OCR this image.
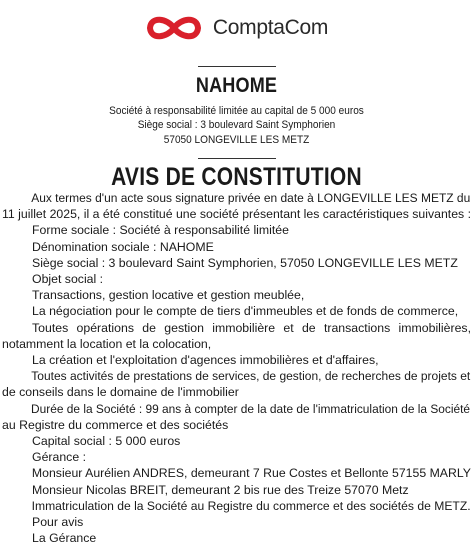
ComptaCom
NAHOME
Société à responsabilité limitée au capital de 5 000 euros
Siège social : 3 boulevard Saint Symphorien
57050 LONGEVILLE LES METZ
AVIS DE CONSTITUTION
Aux termes d'un acte sous signature privée en date à LONGEVILLE LES METZ du
11 juillet 2025, il a été constitué une société présentant les caractéristiques suivantes :
Forme sociale : Société à responsabilité limitée
Dénomination sociale : NAHOME
Siège social : 3 boulevard Saint Symphorien, 57050 LONGEVILLE LES METZ
Objet social :
Transactions, gestion locative et gestion meublée,
La négociation pour le compte de tiers d'immeubles et de fonds de commerce,
Toutes opérations de gestion immobilière et de transactions immobilières,
notamment la location et la colocation,
La création et l'exploitation d'agences immobilières et d'affaires,
Toutes activités de prestations de services, de gestion, de recherches de projets et
de conseils dans le domaine de l'immobilier
Durée de la Société : 99 ans à compter de la date de l'immatriculation de la Société
au Registre du commerce et des sociétés
Capital social : 5 000 euros
Gérance :
Monsieur Aurélien ANDRES, demeurant 7 Rue Costes et Bellonte 57155 MARLY
Monsieur Nicolas BREIT, demeurant 2 bis rue des Treize 57070 Metz
Immatriculation de la Société au Registre du commerce et des sociétés de METZ.
Pour avis
La Gérance
